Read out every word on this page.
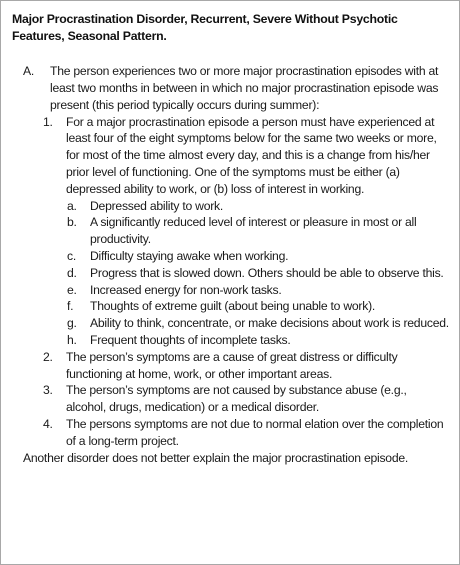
Major Procrastination Disorder, Recurrent, Severe Without Psychotic Features, Seasonal Pattern.
A. The person experiences two or more major procrastination episodes with at least two months in between in which no major procrastination episode was present (this period typically occurs during summer):
1. For a major procrastination episode a person must have experienced at least four of the eight symptoms below for the same two weeks or more, for most of the time almost every day, and this is a change from his/her prior level of functioning. One of the symptoms must be either (a) depressed ability to work, or (b) loss of interest in working.
a. Depressed ability to work.
b. A significantly reduced level of interest or pleasure in most or all productivity.
c. Difficulty staying awake when working.
d. Progress that is slowed down. Others should be able to observe this.
e. Increased energy for non-work tasks.
f. Thoughts of extreme guilt (about being unable to work).
g. Ability to think, concentrate, or make decisions about work is reduced.
h. Frequent thoughts of incomplete tasks.
2. The person’s symptoms are a cause of great distress or difficulty functioning at home, work, or other important areas.
3. The person’s symptoms are not caused by substance abuse (e.g., alcohol, drugs, medication) or a medical disorder.
4. The persons symptoms are not due to normal elation over the completion of a long-term project.
Another disorder does not better explain the major procrastination episode.
